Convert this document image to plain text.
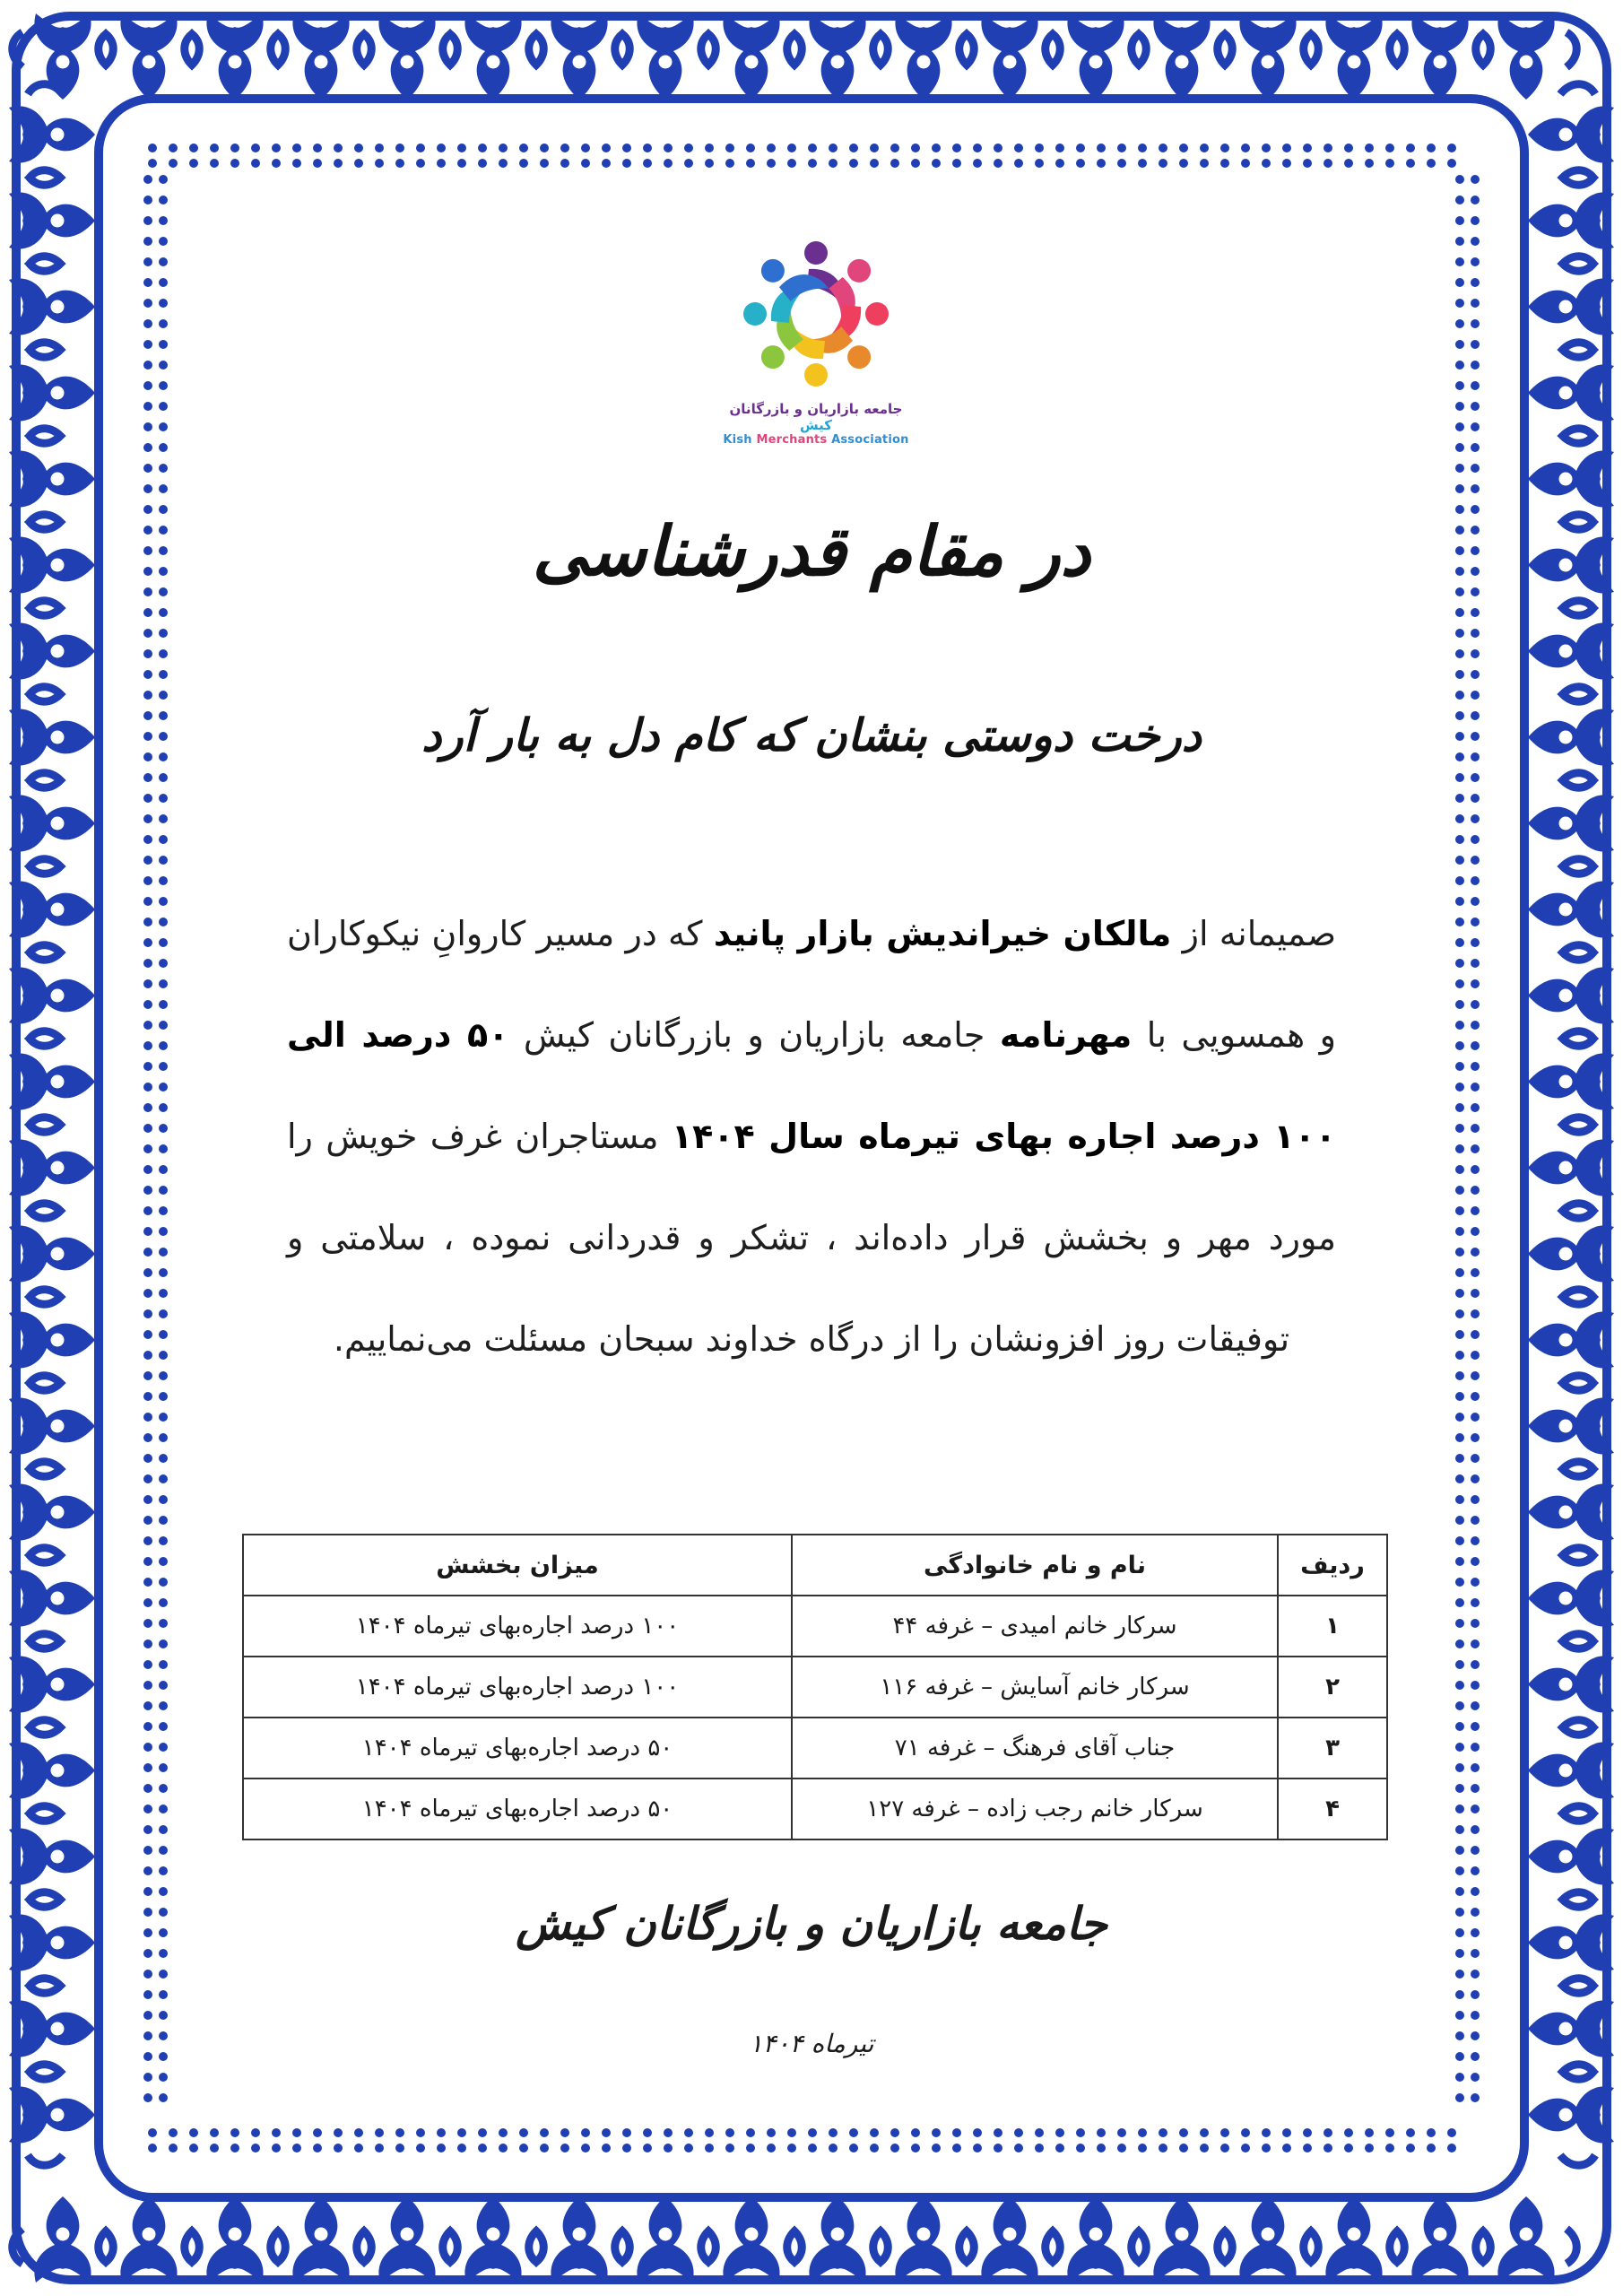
جامعه بازاریان و بازرگانان کیش
Kish Merchants Association
در مقام قدرشناسی
درخت دوستی بنشان که کام دل به بار آرد
صمیمانه از مالکان خیراندیش بازار پانید که در مسیر کاروانِ نیکوکاران و همسویی با مهرنامه جامعه بازاریان و بازرگانان کیش ۵۰ درصد الی ۱۰۰ درصد اجاره بهای تیرماه سال ۱۴۰۴ مستاجران غرف خویش را مورد مهر و بخشش قرار داده‌اند ، تشکر و قدردانی نموده ، سلامتی و توفیقات روز افزونشان را از درگاه خداوند سبحان مسئلت می‌نماییم.
ردیف	نام و نام خانوادگی	میزان بخشش
۱	سرکار خانم امیدی – غرفه ۴۴	۱۰۰ درصد اجاره‌بهای تیرماه ۱۴۰۴
۲	سرکار خانم آسایش – غرفه ۱۱۶	۱۰۰ درصد اجاره‌بهای تیرماه ۱۴۰۴
۳	جناب آقای فرهنگ – غرفه ۷۱	۵۰ درصد اجاره‌بهای تیرماه ۱۴۰۴
۴	سرکار خانم رجب زاده – غرفه ۱۲۷	۵۰ درصد اجاره‌بهای تیرماه ۱۴۰۴
جامعه بازاریان و بازرگانان کیش
تیرماه ۱۴۰۴
